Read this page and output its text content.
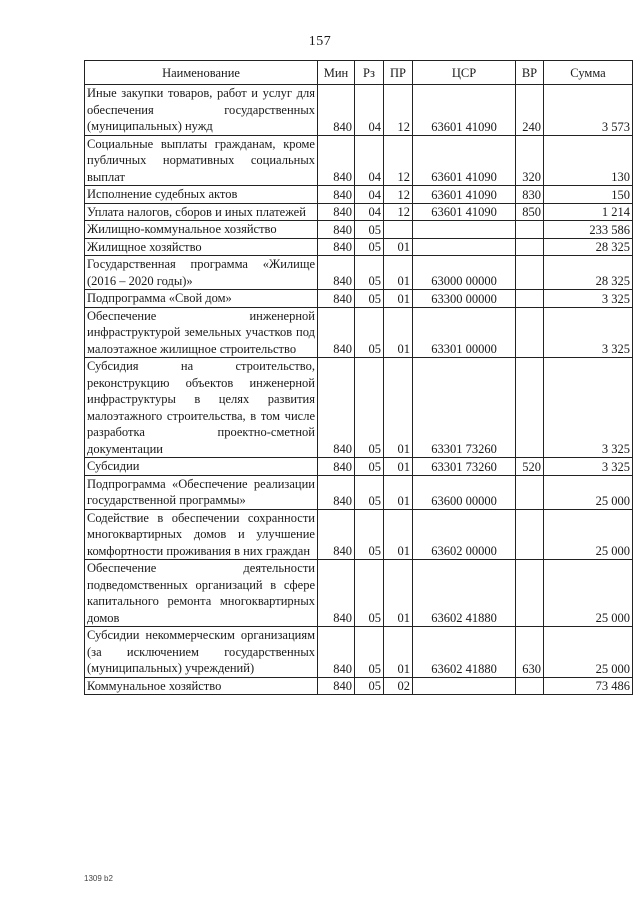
157
Наименование	Мин	Рз	ПР	ЦСР	ВР	Сумма
Иные закупки товаров, работ и услуг для обеспечения государственных (муниципальных) нужд	840	04	12	63601 41090	240	3 573
Социальные выплаты гражданам, кроме публичных нормативных социальных выплат	840	04	12	63601 41090	320	130
Исполнение судебных актов	840	04	12	63601 41090	830	150
Уплата налогов, сборов и иных платежей	840	04	12	63601 41090	850	1 214
Жилищно-коммунальное хозяйство	840	05				233 586
Жилищное хозяйство	840	05	01			28 325
Государственная программа «Жилище (2016 – 2020 годы)»	840	05	01	63000 00000		28 325
Подпрограмма «Свой дом»	840	05	01	63300 00000		3 325
Обеспечение инженерной инфраструктурой земельных участков под малоэтажное жилищное строительство	840	05	01	63301 00000		3 325
Субсидия на строительство, реконструкцию объектов инженерной инфраструктуры в целях развития малоэтажного строительства, в том числе разработка проектно-сметной документации	840	05	01	63301 73260		3 325
Субсидии	840	05	01	63301 73260	520	3 325
Подпрограмма «Обеспечение реализации государственной программы»	840	05	01	63600 00000		25 000
Содействие в обеспечении сохранности многоквартирных домов и улучшение комфортности проживания в них граждан	840	05	01	63602 00000		25 000
Обеспечение деятельности подведомственных организаций в сфере капитального ремонта многоквартирных домов	840	05	01	63602 41880		25 000
Субсидии некоммерческим организациям (за исключением государственных (муниципальных) учреждений)	840	05	01	63602 41880	630	25 000
Коммунальное хозяйство	840	05	02			73 486
1309 b2
